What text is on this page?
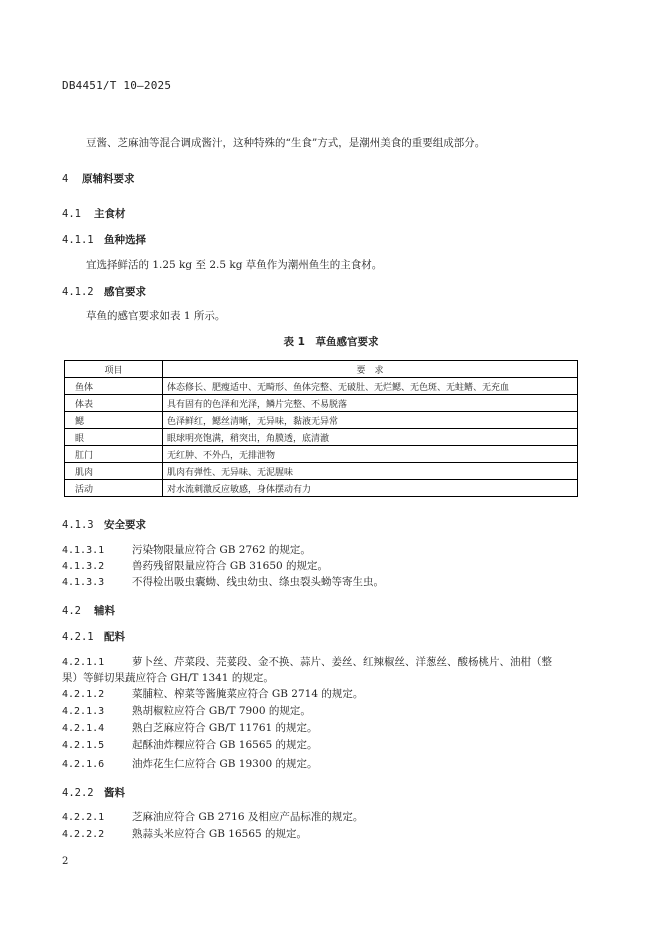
DB4451/T 10—2025
豆酱、芝麻油等混合调成酱汁，这种特殊的“生食”方式，是潮州美食的重要组成部分。
4 原辅料要求
4.1 主食材
4.1.1 鱼种选择
宜选择鲜活的 1.25 kg 至 2.5 kg 草鱼作为潮州鱼生的主食材。
4.1.2 感官要求
草鱼的感官要求如表 1 所示。
表 1　草鱼感官要求
项目	要　求
鱼体	体态修长、肥瘦适中、无畸形、鱼体完整、无破肚、无烂鳃、无色斑、无蛀鳍、无充血
体表	具有固有的色泽和光泽，鳞片完整、不易脱落
鳃	色泽鲜红，鳃丝清晰，无异味，黏液无异常
眼	眼球明亮饱满，稍突出，角膜透，底清澈
肛门	无红肿、不外凸，无排泄物
肌肉	肌肉有弹性、无异味、无泥腥味
活动	对水流刺激反应敏感，身体摆动有力
4.1.3 安全要求
4.1.3.1	污染物限量应符合 GB 2762 的规定。
4.1.3.2	兽药残留限量应符合 GB 31650 的规定。
4.1.3.3	不得检出吸虫囊蚴、线虫幼虫、绦虫裂头蚴等寄生虫。
4.2 辅料
4.2.1 配料
4.2.1.1	萝卜丝、芹菜段、芫荽段、金不换、蒜片、姜丝、红辣椒丝、洋葱丝、酸杨桃片、油柑（整
果）等鲜切果蔬应符合 GH/T 1341 的规定。
4.2.1.2	菜脯粒、榨菜等酱腌菜应符合 GB 2714 的规定。
4.2.1.3	熟胡椒粒应符合 GB/T 7900 的规定。
4.2.1.4	熟白芝麻应符合 GB/T 11761 的规定。
4.2.1.5	起酥油炸粿应符合 GB 16565 的规定。
4.2.1.6	油炸花生仁应符合 GB 19300 的规定。
4.2.2 酱料
4.2.2.1	芝麻油应符合 GB 2716 及相应产品标准的规定。
4.2.2.2	熟蒜头米应符合 GB 16565 的规定。
2
